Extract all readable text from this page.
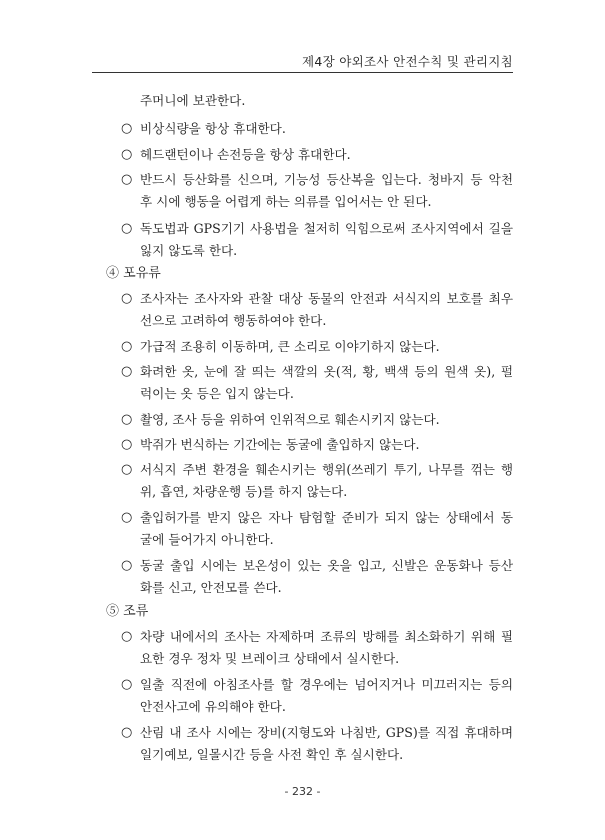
제4장 야외조사 안전수칙 및 관리지침
주머니에 보관한다.
○ 비상식량을 항상 휴대한다.
○ 헤드랜턴이나 손전등을 항상 휴대한다.
○ 반드시 등산화를 신으며, 기능성 등산복을 입는다. 청바지 등 악천
후 시에 행동을 어렵게 하는 의류를 입어서는 안 된다.
○ 독도법과 GPS기기 사용법을 철저히 익힘으로써 조사지역에서 길을
잃지 않도록 한다.
④ 포유류
○ 조사자는 조사자와 관찰 대상 동물의 안전과 서식지의 보호를 최우
선으로 고려하여 행동하여야 한다.
○ 가급적 조용히 이동하며, 큰 소리로 이야기하지 않는다.
○ 화려한 옷, 눈에 잘 띄는 색깔의 옷(적, 황, 백색 등의 원색 옷), 펄
럭이는 옷 등은 입지 않는다.
○ 촬영, 조사 등을 위하여 인위적으로 훼손시키지 않는다.
○ 박쥐가 번식하는 기간에는 동굴에 출입하지 않는다.
○ 서식지 주변 환경을 훼손시키는 행위(쓰레기 투기, 나무를 꺾는 행
위, 흡연, 차량운행 등)를 하지 않는다.
○ 출입허가를 받지 않은 자나 탐험할 준비가 되지 않는 상태에서 동
굴에 들어가지 아니한다.
○ 동굴 출입 시에는 보온성이 있는 옷을 입고, 신발은 운동화나 등산
화를 신고, 안전모를 쓴다.
⑤ 조류
○ 차량 내에서의 조사는 자제하며 조류의 방해를 최소화하기 위해 필
요한 경우 정차 및 브레이크 상태에서 실시한다.
○ 일출 직전에 아침조사를 할 경우에는 넘어지거나 미끄러지는 등의
안전사고에 유의해야 한다.
○ 산림 내 조사 시에는 장비(지형도와 나침반, GPS)를 직접 휴대하며
일기예보, 일몰시간 등을 사전 확인 후 실시한다.
- 232 -
